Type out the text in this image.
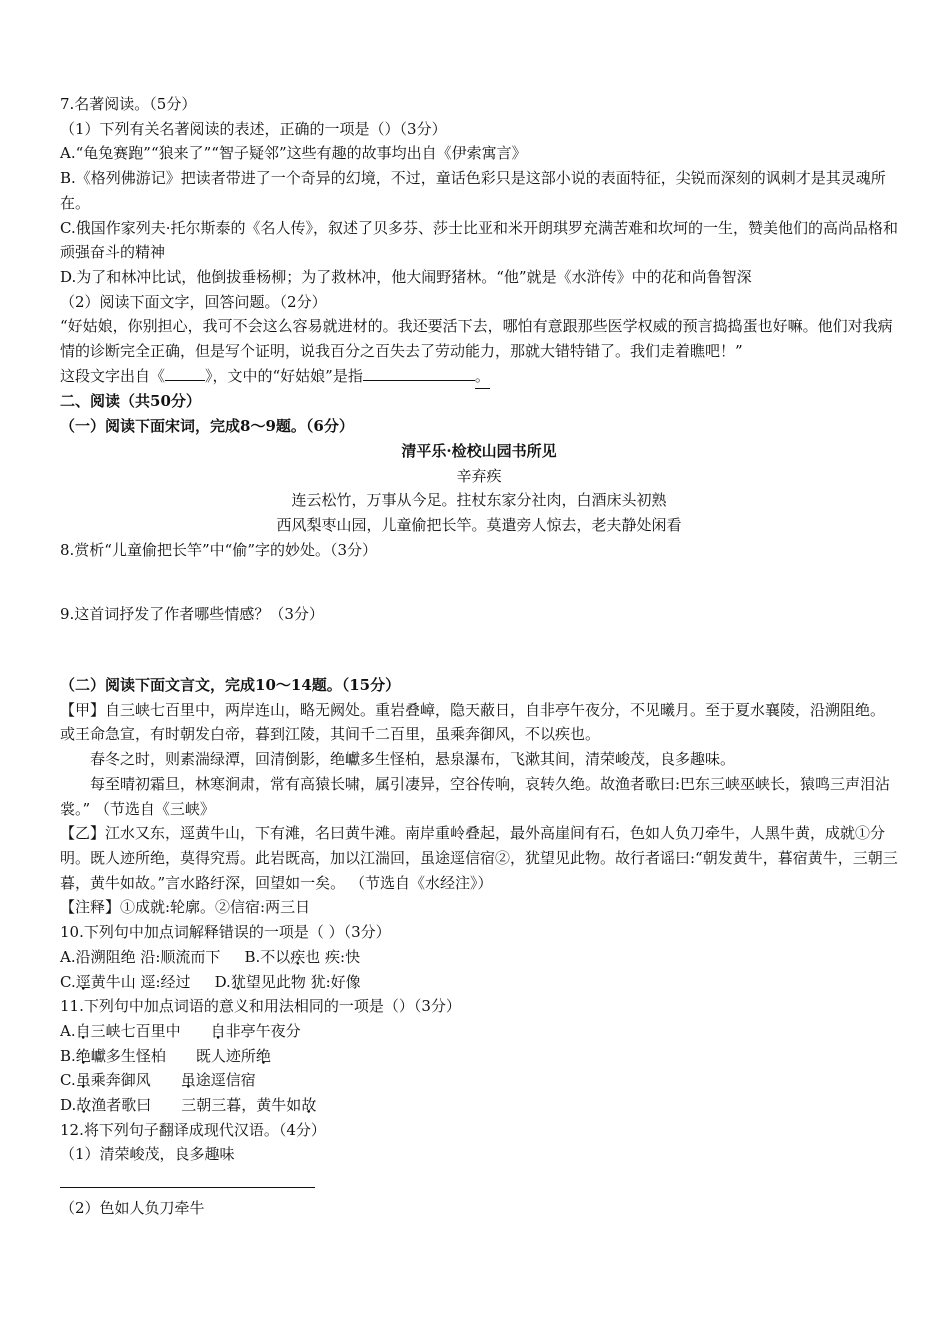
7.名著阅读。（5分）
（1）下列有关名著阅读的表述，正确的一项是（）（3分）
A.“龟兔赛跑”“狼来了”“智子疑邻”这些有趣的故事均出自《伊索寓言》
B.《格列佛游记》把读者带进了一个奇异的幻境，不过，童话色彩只是这部小说的表面特征，尖锐而深刻的讽刺才是其灵魂所在。
C.俄国作家列夫·托尔斯泰的《名人传》，叙述了贝多芬、莎士比亚和米开朗琪罗充满苦难和坎坷的一生，赞美他们的高尚品格和顽强奋斗的精神
D.为了和林冲比试，他倒拔垂杨柳；为了救林冲，他大闹野猪林。“他”就是《水浒传》中的花和尚鲁智深
（2）阅读下面文字，回答问题。（2分）
“好姑娘，你别担心，我可不会这么容易就进材的。我还要活下去，哪怕有意跟那些医学权威的预言捣捣蛋也好嘛。他们对我病情的诊断完全正确，但是写个证明，说我百分之百失去了劳动能力，那就大错特错了。我们走着瞧吧！”
这段文字出自《	》，文中的“好姑娘”是指	。
二、阅读（共50分）
（一）阅读下面宋词，完成8～9题。（6分）
清平乐·检校山园书所见
辛弃疾
连云松竹，万事从今足。拄杖东家分社肉，白酒床头初熟
西风梨枣山园，儿童偷把长竿。莫遣旁人惊去，老夫静处闲看
8.赏析“儿童偷把长竿”中“偷”字的妙处。（3分）
9.这首词抒发了作者哪些情感？（3分）
（二）阅读下面文言文，完成10～14题。（15分）
【甲】自三峡七百里中，两岸连山，略无阙处。重岩叠嶂，隐天蔽日，自非亭午夜分，不见曦月。至于夏水襄陵，沿溯阻绝。或王命急宣，有时朝发白帝，暮到江陵，其间千二百里，虽乘奔御风，不以疾也。
春冬之时，则素湍绿潭，回清倒影，绝巘多生怪柏，悬泉瀑布，飞漱其间，清荣峻茂，良多趣味。
每至晴初霜旦，林寒涧肃，常有高猿长啸，属引凄异，空谷传响，哀转久绝。故渔者歌曰:巴东三峡巫峡长，猿鸣三声泪沾裳。” （节选自《三峡》
【乙】江水又东，逕黄牛山，下有滩，名曰黄牛滩。南岸重岭叠起，最外高崖间有石，色如人负刀牵牛，人黑牛黄，成就①分明。既人迹所绝，莫得究焉。此岩既高，加以江湍回，虽途逕信宿②，犹望见此物。故行者谣曰:“朝发黄牛，暮宿黄牛，三朝三暮，黄牛如故。”言水路纡深，回望如一矣。 （节选自《水经注》）
【注释】①成就:轮廓。②信宿:两三日
10.下列句中加点词解释错误的一项是（ ）（3分）
A.沿溯阻绝 沿:顺流而下 B.不以疾也 疾:快
C.逕黄牛山 逕:经过 D.犹望见此物 犹:好像
11.下列句中加点词语的意义和用法相同的一项是（）（3分）
A.自三峡七百里中 自非亭午夜分
B.绝巘多生怪柏 既人迹所绝
C.虽乘奔御风 虽途逕信宿
D.故渔者歌曰 三朝三暮，黄牛如故
12.将下列句子翻译成现代汉语。（4分）
（1）清荣峻茂，良多趣味
（2）色如人负刀牵牛
